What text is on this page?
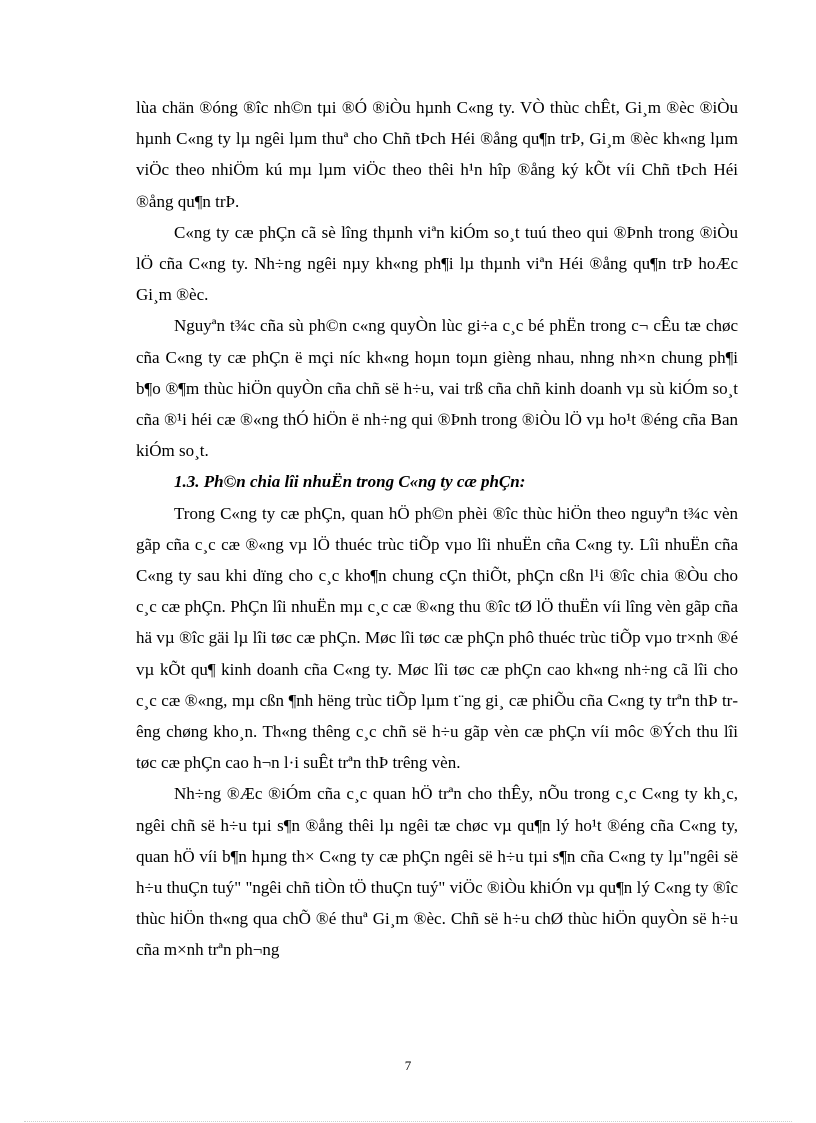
lùa chän ®óng ®îc nh©n tµi ®Ó ®iÒu hµnh C«ng ty. VÒ thùc chÊt, Gi¸m ®èc ®iÒu hµnh C«ng ty lµ ngêi lµm thuª cho Chñ tÞch Héi ®ång qu¶n trÞ, Gi¸m ®èc kh«ng lµm viÖc theo nhiÖm kú mµ lµm viÖc theo thêi h¹n hîp ®ång ký kÕt víi Chñ tÞch Héi ®ång qu¶n trÞ.

C«ng ty cæ phÇn cã sè lîng thµnh viªn kiÓm so¸t tuú theo qui ®Þnh trong ®iÒu lÖ cña C«ng ty. Nh÷ng ngêi nµy kh«ng ph¶i lµ thµnh viªn Héi ®ång qu¶n trÞ hoÆc Gi¸m ®èc.

Nguyªn t¾c cña sù ph©n c«ng quyÒn lùc gi÷a c¸c bé phËn trong c¬ cÊu tæ chøc cña C«ng ty cæ phÇn ë mçi níc kh«ng hoµn toµn gièng nhau, nhng nh×n chung ph¶i b¶o ®¶m thùc hiÖn quyÒn cña chñ së h÷u, vai trß cña chñ kinh doanh vµ sù kiÓm so¸t cña ®¹i héi cæ ®«ng thÓ hiÖn ë nh÷ng qui ®Þnh trong ®iÒu lÖ vµ ho¹t ®éng cña Ban kiÓm so¸t.

1.3. Ph©n chia lîi nhuËn trong C«ng ty cæ phÇn:

Trong C«ng ty cæ phÇn, quan hÖ ph©n phèi ®îc thùc hiÖn theo nguyªn t¾c vèn gãp cña c¸c cæ ®«ng vµ lÖ thuéc trùc tiÕp vµo lîi nhuËn cña C«ng ty. Lîi nhuËn cña C«ng ty sau khi dïng cho c¸c kho¶n chung cÇn thiÕt, phÇn cßn l¹i ®îc chia ®Òu cho c¸c cæ phÇn. PhÇn lîi nhuËn mµ c¸c cæ ®«ng thu ®îc tØ lÖ thuËn víi lîng vèn gãp cña hä vµ ®îc gäi lµ lîi tøc cæ phÇn. Møc lîi tøc cæ phÇn phô thuéc trùc tiÕp vµo tr×nh ®é vµ kÕt qu¶ kinh doanh cña C«ng ty. Møc lîi tøc cæ phÇn cao kh«ng nh÷ng cã lîi cho c¸c cæ ®«ng, mµ cßn ¶nh hëng trùc tiÕp lµm t¨ng gi¸ cæ phiÕu cña C«ng ty trªn thÞ trêng chøng kho¸n. Th«ng thêng c¸c chñ së h÷u gãp vèn cæ phÇn víi môc ®Ých thu lîi tøc cæ phÇn cao h¬n l·i suÊt trªn thÞ trêng vèn.

Nh÷ng ®Æc ®iÓm cña c¸c quan hÖ trªn cho thÊy, nÕu trong c¸c C«ng ty kh¸c, ngêi chñ së h÷u tµi s¶n ®ång thêi lµ ngêi tæ chøc vµ qu¶n lý ho¹t ®éng cña C«ng ty, quan hÖ víi b¶n hµng th× C«ng ty cæ phÇn ngêi së h÷u tµi s¶n cña C«ng ty lµ"ngêi së h÷u thuÇn tuý" "ngêi chñ tiÒn tÖ thuÇn tuý" viÖc ®iÒu khiÓn vµ qu¶n lý C«ng ty ®îc thùc hiÖn th«ng qua chÕ ®é thuª Gi¸m ®èc. Chñ së h÷u chØ thùc hiÖn quyÒn së h÷u cña m×nh trªn ph¬ng

7
